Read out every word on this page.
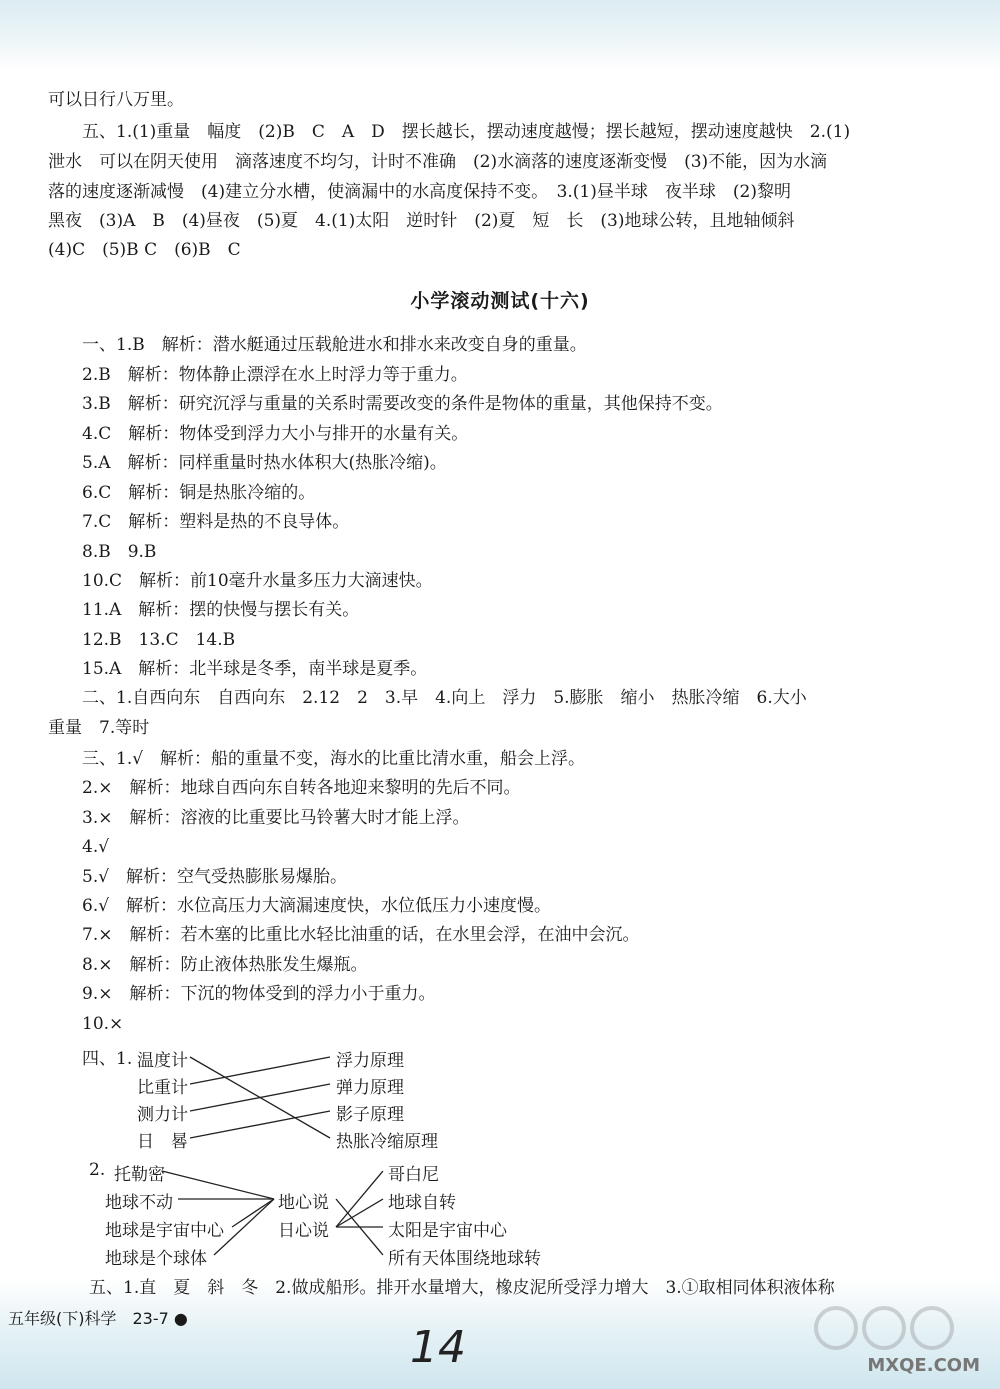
可以日行八万里。
五、1.(1)重量　幅度　(2)B　C　A　D　摆长越长，摆动速度越慢；摆长越短，摆动速度越快　2.(1)
泄水　可以在阴天使用　滴落速度不均匀，计时不准确　(2)水滴落的速度逐渐变慢　(3)不能，因为水滴
落的速度逐渐减慢　(4)建立分水槽，使滴漏中的水高度保持不变。　3.(1)昼半球　夜半球　(2)黎明
黑夜　(3)A　B　(4)昼夜　(5)夏　4.(1)太阳　逆时针　(2)夏　短　长　(3)地球公转，且地轴倾斜
(4)C　(5)B C　(6)B　C
小学滚动测试(十六)
一、1.B　解析：潜水艇通过压载舱进水和排水来改变自身的重量。
2.B　解析：物体静止漂浮在水上时浮力等于重力。
3.B　解析：研究沉浮与重量的关系时需要改变的条件是物体的重量，其他保持不变。
4.C　解析：物体受到浮力大小与排开的水量有关。
5.A　解析：同样重量时热水体积大(热胀冷缩)。
6.C　解析：铜是热胀冷缩的。
7.C　解析：塑料是热的不良导体。
8.B　9.B
10.C　解析：前10毫升水量多压力大滴速快。
11.A　解析：摆的快慢与摆长有关。
12.B　13.C　14.B
15.A　解析：北半球是冬季，南半球是夏季。
二、1.自西向东　自西向东　2.12　2　3.早　4.向上　浮力　5.膨胀　缩小　热胀冷缩　6.大小
重量　7.等时
三、1.√　解析：船的重量不变，海水的比重比清水重，船会上浮。
2.×　解析：地球自西向东自转各地迎来黎明的先后不同。
3.×　解析：溶液的比重要比马铃薯大时才能上浮。
4.√
5.√　解析：空气受热膨胀易爆胎。
6.√　解析：水位高压力大滴漏速度快，水位低压力小速度慢。
7.×　解析：若木塞的比重比水轻比油重的话，在水里会浮，在油中会沉。
8.×　解析：防止液体热胀发生爆瓶。
9.×　解析：下沉的物体受到的浮力小于重力。
10.×
四、1. 温度计
比重计
测力计
日　晷
浮力原理
弹力原理
影子原理
热胀冷缩原理
2. 托勒密
地球不动
地球是宇宙中心
地球是个球体
地心说
日心说
哥白尼
地球自转
太阳是宇宙中心
所有天体围绕地球转
五、1.直　夏　斜　冬　2.做成船形。排开水量增大，橡皮泥所受浮力增大　3.①取相同体积液体称
五年级(下)科学　23-7 ●
14	MXQE.COM
